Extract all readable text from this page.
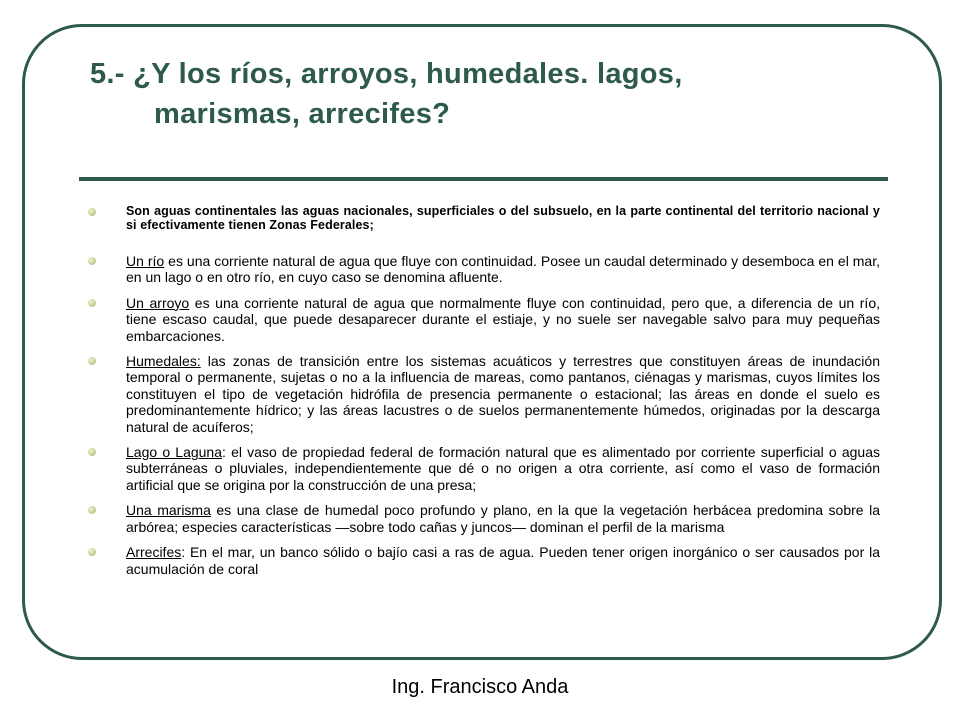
5.- ¿Y los ríos, arroyos, humedales. lagos,
marismas, arrecifes?
Son aguas continentales las aguas nacionales, superficiales o del subsuelo, en la parte continental del territorio nacional y si efectivamente tienen Zonas Federales;
Un río es una corriente natural de agua que fluye con continuidad. Posee un caudal determinado y desemboca en el mar, en un lago o en otro río, en cuyo caso se denomina afluente.
Un arroyo es una corriente natural de agua que normalmente fluye con continuidad, pero que, a diferencia de un río, tiene escaso caudal, que puede desaparecer durante el estiaje, y no suele ser navegable salvo para muy pequeñas embarcaciones.
Humedales: las zonas de transición entre los sistemas acuáticos y terrestres que constituyen áreas de inundación temporal o permanente, sujetas o no a la influencia de mareas, como pantanos, ciénagas y marismas, cuyos límites los constituyen el tipo de vegetación hidrófila de presencia permanente o estacional; las áreas en donde el suelo es predominantemente hídrico; y las áreas lacustres o de suelos permanentemente húmedos, originadas por la descarga natural de acuíferos;
Lago o Laguna: el vaso de propiedad federal de formación natural que es alimentado por corriente superficial o aguas subterráneas o pluviales, independientemente que dé o no origen a otra corriente, así como el vaso de formación artificial que se origina por la construcción de una presa;
Una marisma es una clase de humedal poco profundo y plano, en la que la vegetación herbácea predomina sobre la arbórea; especies características —sobre todo cañas y juncos— dominan el perfil de la marisma
Arrecifes: En el mar, un banco sólido o bajío casi a ras de agua. Pueden tener origen inorgánico o ser causados por la acumulación de coral
Ing. Francisco Anda
